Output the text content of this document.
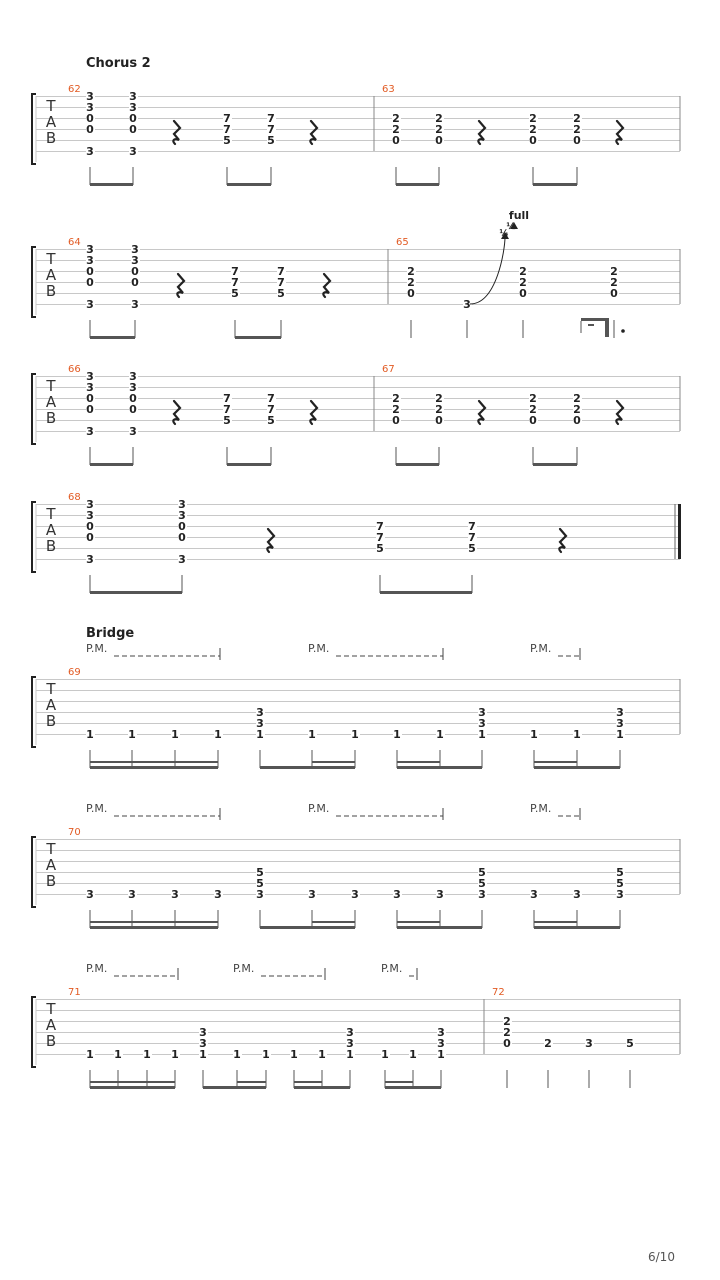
Chorus 2
Bridge
P.M.	P.M.	P.M.
P.M.	P.M.	P.M.
P.M.	P.M.	P.M.
T
A
B
62
3
3
0
0
3
3
3
0
0
3
7
7
5
7
7
5
63
2
2
0
2
2
0
2
2
0
2
2
0
T
A
B
64
3
3
0
0
3
3
3
0
0
3
7
7
5
7
7
5
65
2
2
0
3
2
2
0
2
2
0
T
A
B
66
3
3
0
0
3
3
3
0
0
3
7
7
5
7
7
5
67
2
2
0
2
2
0
2
2
0
2
2
0
T
A
B
68
3
3
0
0
3
3
3
0
0
3
7
7
5
7
7
5
T
A
B
69
1	1	1	1
3
3
1	1	1	1	1
3
3
1	1	1
3
3
1
T
A
B
70
3	3	3	3
5
5
3	3	3	3	3
5
5
3	3	3
5
5
3
T
A
B
71
1 1 1 1
3
3
1 1 1 1 1
3
3
1 1 1
3
3
1
72
2
2
0	2	3	5
full
¼
½
6/10
